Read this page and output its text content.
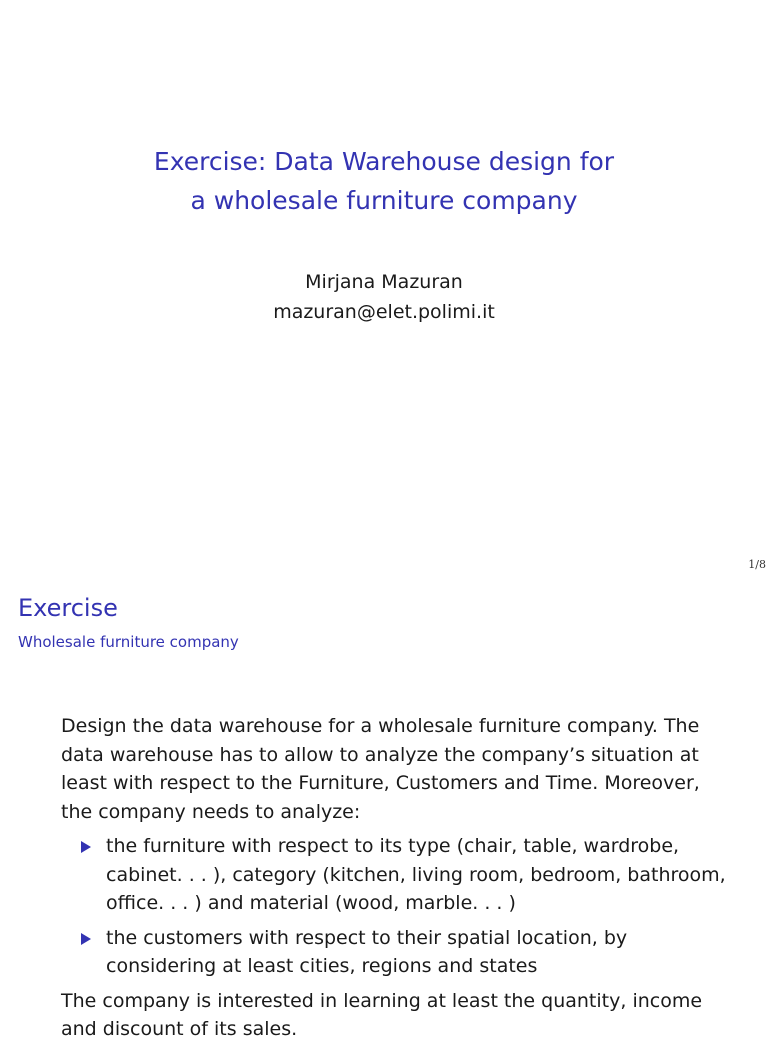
Exercise: Data Warehouse design for
a wholesale furniture company
Mirjana Mazuran
mazuran@elet.polimi.it
1/8
Exercise
Wholesale furniture company

Design the data warehouse for a wholesale furniture company. The data warehouse has to allow to analyze the company’s situation at least with respect to the Furniture, Customers and Time. Moreover, the company needs to analyze:

the furniture with respect to its type (chair, table, wardrobe, cabinet. . . ), category (kitchen, living room, bedroom, bathroom, office. . . ) and material (wood, marble. . . )
the customers with respect to their spatial location, by considering at least cities, regions and states

The company is interested in learning at least the quantity, income and discount of its sales.
